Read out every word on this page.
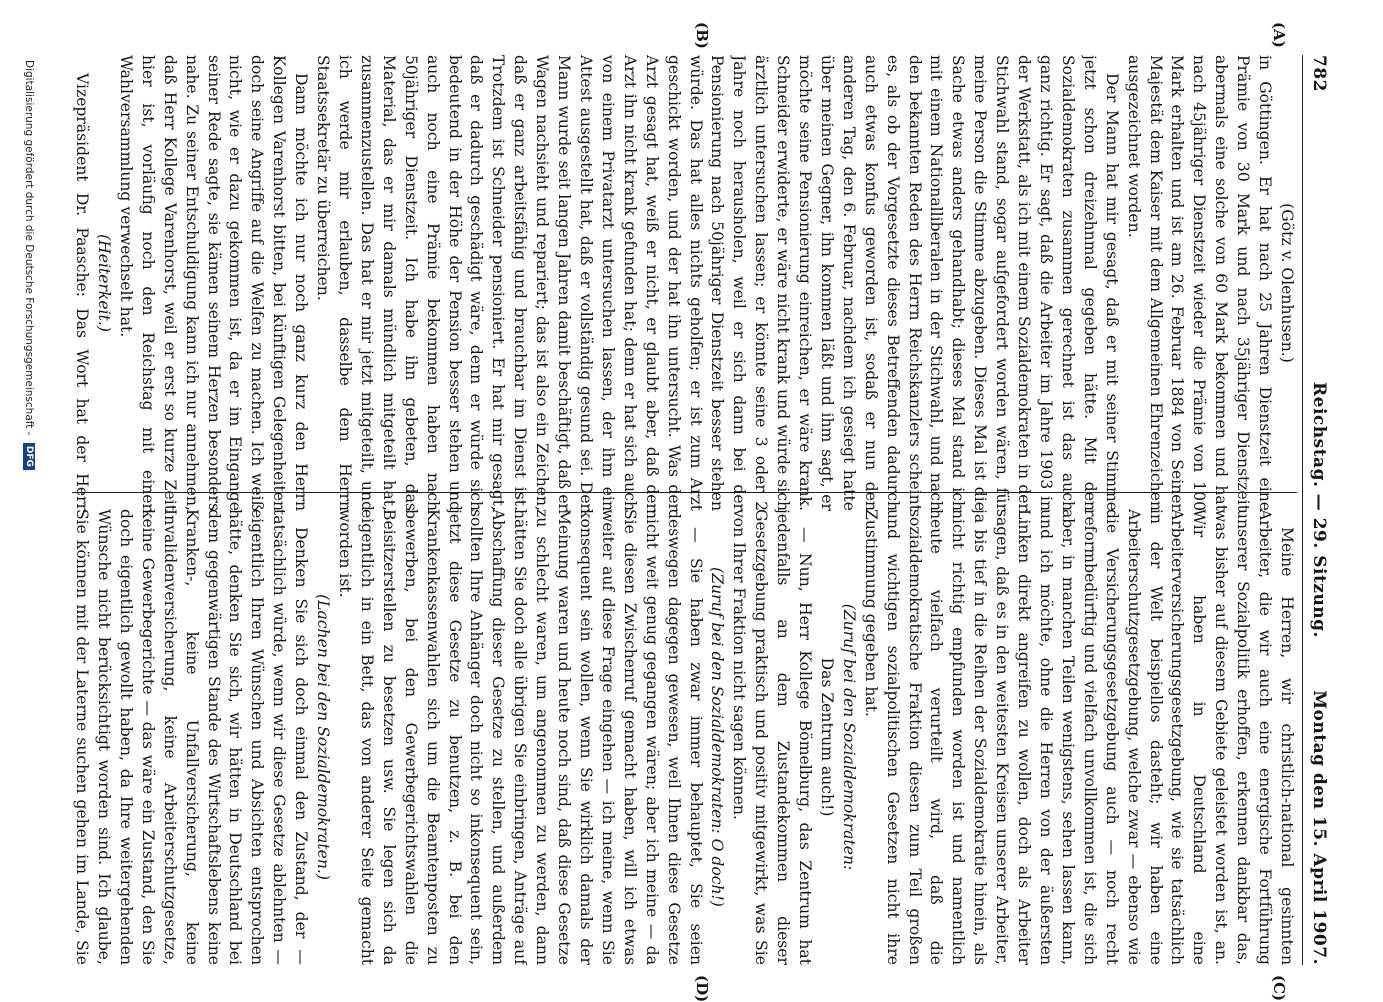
782
Reichstag. — 29. Sitzung.
Montag den 15. April 1907.
(A)
(B)
(C)
(D)

(Götz v. Olenhusen.)

in Göttingen. Er hat nach 25 Jahren Dienstzeit eine Prämie von 30 Mark und nach 35jähriger Dienstzeit abermals eine solche von 60 Mark bekommen und hat nach 45jähriger Dienstzeit wieder die Prämie von 100 Mark erhalten und ist am 26. Februar 1884 von Seiner Majestät dem Kaiser mit dem Allgemeinen Ehrenzeichen ausgezeichnet worden.

Der Mann hat mir gesagt, daß er mit seiner Stimme jetzt schon dreizehnmal gegeben hätte. Mit den Sozialdemokraten zusammen gerechnet ist das auch ganz richtig. Er sagt, daß die Arbeiter im Jahre 1903 in der Werkstatt, als ich mit einem Sozialdemokraten in der Stichwahl stand, sogar aufgefordert worden wären, für meine Person die Stimme abzugeben. Dieses Mal ist die Sache etwas anders gehandhabt; dieses Mal stand ich mit einem Nationalliberalen in der Stichwahl, und nach den bekannten Reden des Herrn Reichskanzlers scheint es, als ob der Vorgesetzte dieses Betreffenden dadurch auch etwas konfus geworden ist, sodaß er nun den anderen Tag, den 6. Februar, nachdem ich gesiegt hatte über meinen Gegner, ihn kommen läßt und ihm sagt, er möchte seine Pensionierung einreichen, er wäre krank. Schneider erwiderte, er wäre nicht krank und würde sich ärztlich untersuchen lassen; er könnte seine 3 oder 2 Jahre noch herausholen, weil er sich dann bei der Pensionierung nach 50jähriger Dienstzeit besser stehen würde. Das hat alles nichts geholfen; er ist zum Arzt geschickt worden, und der hat ihn untersucht. Was der Arzt gesagt hat, weiß er nicht, er glaubt aber, daß der Arzt ihn nicht krank gefunden hat; denn er hat sich auch von einem Privatarzt untersuchen lassen, der ihm ein Attest ausgestellt hat, daß er vollständig gesund sei. Der Mann wurde seit langen Jahren damit beschäftigt, daß er Wagen nachsieht und repariert; das ist also ein Zeichen, daß er ganz arbeitsfähig und brauchbar im Dienst ist. Trotzdem ist Schneider pensioniert. Er hat mir gesagt, daß er dadurch geschädigt wäre, denn er würde sich bedeutend in der Höhe der Pension besser stehen und auch noch eine Prämie bekommen haben nach 50jähriger Dienstzeit. Ich habe ihn gebeten, das Material, das er mir damals mündlich mitgeteilt hat, zusammenzustellen. Das hat er mir jetzt mitgeteilt, und ich werde mir erlauben, dasselbe dem Herrn Staatssekretär zu überreichen.

Dann möchte ich nur noch ganz kurz den Herrn Kollegen Varenhorst bitten, bei künftigen Gelegenheiten doch seine Angriffe auf die Welfen zu machen. Ich weiß nicht, wie er dazu gekommen ist, da er im Eingange seiner Rede sagte, sie kämen seinem Herzen besonders nahe. Zu seiner Entschuldigung kann ich nur annehmen, daß Herr Kollege Varenhorst, weil er erst so kurze Zeit hier ist, vorläufig noch den Reichstag mit einer Wahlversammlung verwechselt hat.

(Heiterkeit.)

Vizepräsident Dr. Paasche: Das Wort hat der Herr

Meine Herren, wir christlich-national gesinnten Arbeiter, die wir auch eine energische Fortführung unserer Sozialpolitik erhoffen, erkennen dankbar das, was bisher auf diesem Gebiete geleistet worden ist, an. Wir haben in Deutschland eine Arbeiterversicherungsgesetzgebung, wie sie tatsächlich in der Welt beispiellos dasteht; wir haben eine Arbeiterschutzgesetzgebung, welche zwar — ebenso wie die Versicherungsgesetzgebung auch — noch recht reformbedürftig und vielfach unvollkommen ist, die sich aber, in manchen Teilen wenigstens, sehen lassen kann, und ich möchte, ohne die Herren von der äußersten Linken direkt angreifen zu wollen, doch als Arbeiter sagen, daß es in den weitesten Kreisen unserer Arbeiter, ja bis tief in die Reihen der Sozialdemokratie hinein, als nicht richtig empfunden worden ist und namentlich heute vielfach verurteilt wird, daß die sozialdemokratische Fraktion diesen zum Teil großen und wichtigen sozialpolitischen Gesetzen nicht ihre Zustimmung gegeben hat.

(Zuruf bei den Sozialdemokraten:

Das Zentrum auch!)

— Nun, Herr Kollege Bömelburg, das Zentrum hat jedenfalls an dem Zustandekommen dieser Gesetzgebung praktisch und positiv mitgewirkt, was Sie von Ihrer Fraktion nicht sagen können.

(Zuruf bei den Sozialdemokraten: O doch!)

— Sie haben zwar immer behauptet, Sie seien deswegen dagegen gewesen, weil Ihnen diese Gesetze nicht weit genug gegangen wären; aber ich meine — da Sie diesen Zwischenruf gemacht haben, will ich etwas weiter auf diese Frage eingehen — ich meine, wenn Sie konsequent sein wollen, wenn Sie wirklich damals der Meinung waren und heute noch sind, daß diese Gesetze zu schlecht waren, um angenommen zu werden, dann hätten Sie doch alle übrigen Sie einbringen, Anträge auf Abschaffung dieser Gesetze zu stellen, und außerdem sollten Ihre Anhänger doch nicht so inkonsequent sein, jetzt diese Gesetze zu benutzen, z. B. bei den Krankenkassenwahlen sich um die Beamtenposten zu bewerben, bei den Gewerbegerichtswahlen die Beisitzerstellen zu besetzen usw. Sie legen sich da eigentlich in ein Bett, das von anderer Seite gemacht worden ist.

(Lachen bei den Sozialdemokraten.)

Denken Sie sich doch einmal den Zustand, der — tatsächlich würde, wenn wir diese Gesetze ablehnten — eigentlich Ihren Wünschen und Absichten entsprochen hätte, denken Sie sich, wir hätten in Deutschland bei dem gegenwärtigen Stande des Wirtschaftslebens keine Kranken-, keine Unfallversicherung, keine Invalidenversicherung, keine Arbeiterschutzgesetze, keine Gewerbegerichte — das wäre ein Zustand, den Sie doch eigentlich gewollt haben, da Ihre weitergehenden Wünsche nicht berücksichtigt worden sind. Ich glaube, Sie können mit der Laterne suchen gehen im Lande, Sie

Digitalisierung gefördert durch die Deutsche Forschungsgemeinschaft - DFG
